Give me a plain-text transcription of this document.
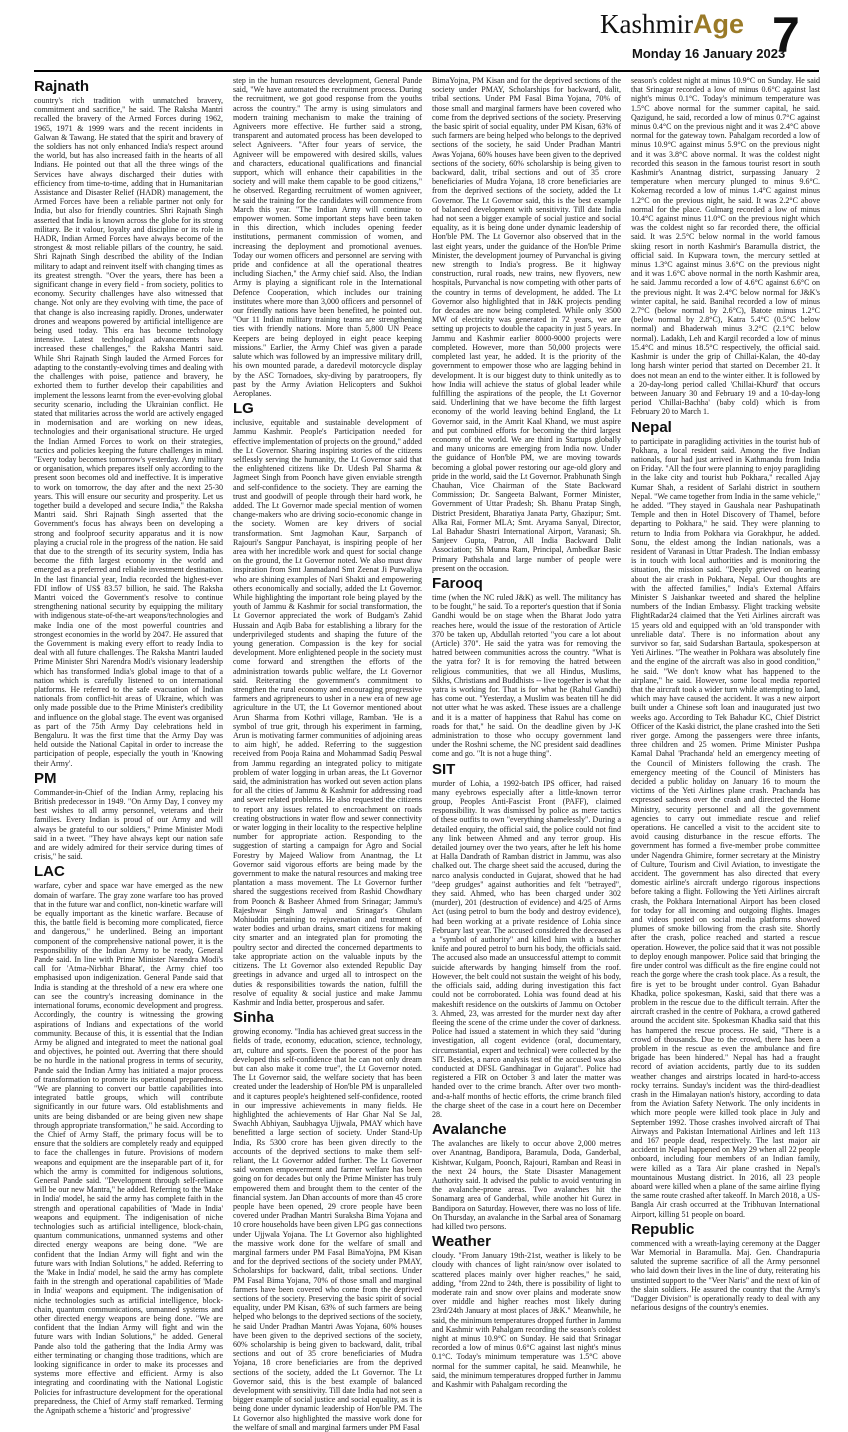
KashmirAge
Monday 16 January 2023
7
Rajnath

country's rich tradition with unmatched bravery, commitment and sacrifice," he said. The Raksha Mantri recalled the bravery of the Armed Forces during 1962, 1965, 1971 & 1999 wars and the recent incidents in Galwan & Tawang. He stated that the spirit and bravery of the soldiers has not only enhanced India's respect around the world, but has also increased faith in the hearts of all Indians. He pointed out that all the three wings of the Services have always discharged their duties with efficiency from time-to-time, adding that in Humanitarian Assistance and Disaster Relief (HADR) management, the Armed Forces have been a reliable partner not only for India, but also for friendly countries. Shri Rajnath Singh asserted that India is known across the globe for its strong military. Be it valour, loyalty and discipline or its role in HADR, Indian Armed Forces have always become of the strongest & most reliable pillars of the country, he said. Shri Rajnath Singh described the ability of the Indian military to adapt and reinvent itself with changing times as its greatest strength. "Over the years, there has been a significant change in every field - from society, politics to economy. Security challenges have also witnessed that change. Not only are they evolving with time, the pace of that change is also increasing rapidly. Drones, underwater drones and weapons powered by artificial intelligence are being used today. This era has become technology intensive. Latest technological advancements have increased these challenges," the Raksha Mantri said. While Shri Rajnath Singh lauded the Armed Forces for adapting to the constantly-evolving times and dealing with the challenges with poise, patience and bravery, he exhorted them to further develop their capabilities and implement the lessons learnt from the ever-evolving global security scenario, including the Ukrainian conflict. He stated that militaries across the world are actively engaged in modernisation and are working on new ideas, technologies and their organisational structure. He urged the Indian Armed Forces to work on their strategies, tactics and policies keeping the future challenges in mind. "Every today becomes tomorrow's yesterday. Any military or organisation, which prepares itself only according to the present soon becomes old and ineffective. It is imperative to work on tomorrow, the day after and the next 25-30 years. This will ensure our security and prosperity. Let us together build a developed and secure India," the Raksha Mantri said. Shri Rajnath Singh asserted that the Government's focus has always been on developing a strong and foolproof security apparatus and it is now playing a crucial role in the progress of the nation. He said that due to the strength of its security system, India has become the fifth largest economy in the world and emerged as a preferred and reliable investment destination. In the last financial year, India recorded the highest-ever FDI inflow of US$ 83.57 billion, he said. The Raksha Mantri voiced the Government's resolve to continue strengthening national security by equipping the military with indigenous state-of-the-art weapons/technologies and make India one of the most powerful countries and strongest economies in the world by 2047. He assured that the Government is making every effort to ready India to deal with all future challenges. The Raksha Mantri lauded Prime Minister Shri Narendra Modi's visionary leadership which has transformed India's global image to that of a nation which is carefully listened to on international platforms. He referred to the safe evacuation of Indian nationals from conflict-hit areas of Ukraine, which was only made possible due to the Prime Minister's credibility and influence on the global stage. The event was organised as part of the 75th Army Day celebrations held in Bengaluru. It was the first time that the Army Day was held outside the National Capital in order to increase the participation of people, especially the youth in 'Knowing their Army'.

PM

Commander-in-Chief of the Indian Army, replacing his British predecessor in 1949. "On Army Day, I convey my best wishes to all army personnel, veterans and their families. Every Indian is proud of our Army and will always be grateful to our soldiers," Prime Minister Modi said in a tweet. "They have always kept our nation safe and are widely admired for their service during times of crisis," he said.

LAC

warfare, cyber and space war have emerged as the new domain of warfare. The gray zone warfare too has proved that in the future war and conflict, non-kinetic warfare will be equally important as the kinetic warfare. Because of this, the battle field is becoming more complicated, fierce and dangerous," he underlined. Being an important component of the comprehensive national power, it is the responsibility of the Indian Army to be ready, General Pande said. In line with Prime Minister Narendra Modi's call for 'Atma-Nirbhar Bharat', the Army chief too emphasised upon indigenization. General Pande said that India is standing at the threshold of a new era where one can see the country's increasing dominance in the international forums, economic development and progress. Accordingly, the country is witnessing the growing aspirations of Indians and expectations of the world community. Because of this, it is essential that the Indian Army be aligned and integrated to meet the national goal and objectives, he pointed out. Averring that there should be no hurdle in the national progress in terms of security, Pande said the Indian Army has initiated a major process of transformation to promote its operational preparedness. "We are planning to convert our battle capabilities into integrated battle groups, which will contribute significantly in our future wars. Old establishments and units are being disbanded or are being given new shape through appropriate transformation," he said. According to the Chief of Army Staff, the primary focus will be to ensure that the soldiers are completely ready and equipped to face the challenges in future. Provisions of modern weapons and equipment are the inseparable part of it, for which the army is committed for indigenous solutions, General Pande said. "Development through self-reliance will be our new Mantra," he added. Referring to the 'Make in India' model, he said the army has complete faith in the strength and operational capabilities of 'Made in India' weapons and equipment. The indigenisation of niche technologies such as artificial intelligence, block-chain, quantum communications, unmanned systems and other directed energy weapons are being done. "We are confident that the Indian Army will fight and win the future wars with Indian Solutions," he added. Referring to the 'Make in India' model, he said the army has complete faith in the strength and operational capabilities of 'Made in India' weapons and equipment. The indigenisation of niche technologies such as artificial intelligence, block-chain, quantum communications, unmanned systems and other directed energy weapons are being done. "We are confident that the Indian Army will fight and win the future wars with Indian Solutions," he added. General Pande also told the gathering that the India Army was either terminating or changing those traditions, which are looking significance in order to make its processes and systems more effective and efficient. Army is also integrating and coordinating with the National Logistic Policies for infrastructure development for the operational preparedness, the Chief of Army staff remarked. Terming the Agnipath scheme a 'historic' and 'progressive'

step in the human resources development, General Pande said, "We have automated the recruitment process. During the recruitment, we got good response from the youths across the country." The army is using simulators and modern training mechanism to make the training of Agniveers more effective. He further said a strong, transparent and automated process has been developed to select Agniveers. "After four years of service, the Agniveer will be empowered with desired skills, values and characters, educational qualifications and financial support, which will enhance their capabilities in the society and will make them capable to be good citizens," he observed. Regarding recruitment of women agniveer, he said the training for the candidates will commence from March this year. "The Indian Army will continue to empower women. Some important steps have been taken in this direction, which includes opening feeder institutions, permanent commission of women, and increasing the deployment and promotional avenues. Today our women officers and personnel are serving with pride and confidence at all the operational theatres including Siachen," the Army chief said. Also, the Indian Army is playing a significant role in the International Defence Cooperation, which includes our training institutes where more than 3,000 officers and personnel of our friendly nations have been benefited, he pointed out. "Our 11 Indian military training teams are strengthening ties with friendly nations. More than 5,800 UN Peace Keepers are being deployed in eight peace keeping missions." Earlier, the Army Chief was given a parade salute which was followed by an impressive military drill, his own mounted parade, a daredevil motorcycle display by the ASC Tornadoes, sky-diving by paratroopers, fly past by the Army Aviation Helicopters and Sukhoi Aeroplanes.

LG

inclusive, equitable and sustainable development of Jammu Kashmir. People's Participation needed for effective implementation of projects on the ground," added the Lt Governor. Sharing inspiring stories of the citizens selflessly serving the humanity, the Lt Governor said that the enlightened citizens like Dr. Udesh Pal Sharma & Jagmeet Singh from Poonch have given enviable strength and self-confidence to the society. They are earning the trust and goodwill of people through their hard work, he added. The Lt Governor made special mention of women change-makers who are driving socio-economic change in the society. Women are key drivers of social transformation. Smt Jagmohan Kaur, Sarpanch of Rajouri's Sangpur Panchayat, is inspiring people of her area with her incredible work and quest for social change on the ground, the Lt Governor noted. We also must draw inspiration from Smt Janmadand Smt Zeenat Ji Purwaliya who are shining examples of Nari Shakti and empowering others economically and socially, added the Lt Governor. While highlighting the important role being played by the youth of Jammu & Kashmir for social transformation, the Lt Governor appreciated the work of Budgam's Zahid Hussain and Aqib Baba for establishing a library for the underprivileged students and shaping the future of the young generation. Compassion is the key for social development. More enlightened people in the society must come forward and strengthen the efforts of the administration towards public welfare, the Lt Governor said. Reiterating the government's commitment to strengthen the rural economy and encouraging progressive farmers and agripreneurs to usher in a new era of new age agriculture in the UT, the Lt Governor mentioned about Arun Sharma from Kothri village, Ramban. 'He is a symbol of true grit, through his experiment in farming, Arun is motivating farmer communities of adjoining areas to aim high', he added. Referring to the suggestion received from Pooja Raina and Mohammad Sadiq Peswal from Jammu regarding an integrated policy to mitigate problem of water logging in urban areas, the Lt Governor said, the administration has worked out seven action plans for all the cities of Jammu & Kashmir for addressing road and sewer related problems. He also requested the citizens to report any issues related to encroachment on roads creating obstructions in water flow and sewer connectivity or water logging in their locality to the respective helpline number for appropriate action. Responding to the suggestion of starting a campaign for Agro and Social Forestry by Majeed Waliow from Anantnag, the Lt Governor said vigorous efforts are being made by the government to make the natural resources and making tree plantation a mass movement. The Lt Governor further shared the suggestions received from Rashid Chowdhary from Poonch & Basheer Ahmed from Srinagar; Jammu's Rajeshwar Singh Jamwal and Srinagar's Ghulam Mohiuddin pertaining to rejuvenation and treatment of water bodies and urban drains, smart citizens for making city smarter and an integrated plan for promoting the poultry sector and directed the concerned departments to take appropriate action on the valuable inputs by the citizens. The Lt Governor also extended Republic Day greetings in advance and urged all to introspect on the duties & responsibilities towards the nation, fulfill the resolve of equality & social justice and make Jammu Kashmir and India better, prosperous and safer.

Sinha

growing economy. "India has achieved great success in the fields of trade, economy, education, science, technology, art, culture and sports. Even the poorest of the poor has developed this self-confidence that he can not only dream but can also make it come true", the Lt Governor noted. The Lt Governor said, the welfare society that has been created under the leadership of Hon'ble PM is unparalleled and it captures people's heightened self-confidence, rooted in our impressive achievements in many fields. He highlighted the achievements of Har Ghar Nal Se Jal, Swachh Abhiyan, Saubhagya Ujjwala, PMAY which have benefitted a large section of society. Under Stand-Up India, Rs 5300 crore has been given directly to the accounts of the deprived sections to make them self-reliant, the Lt Governor added further. The Lt Governor said women empowerment and farmer welfare has been going on for decades but only the Prime Minister has truly empowered them and brought them to the center of the financial system. Jan Dhan accounts of more than 45 crore people have been opened, 29 crore people have been covered under Pradhan Mantri Suraksha Bima Yojana and 10 crore households have been given LPG gas connections under Ujjwala Yojana. The Lt Governor also highlighted the massive work done for the welfare of small and marginal farmers under PM Fasal BimaYojna, PM Kisan and for the deprived sections of the society under PMAY, Scholarships for backward, dalit, tribal sections. Under PM Fasal Bima Yojana, 70% of those small and marginal farmers have been covered who come from the deprived sections of the society. Preserving the basic spirit of social equality, under PM Kisan, 63% of such farmers are being helped who belongs to the deprived sections of the society, he said Under Pradhan Mantri Awas Yojana, 60% houses have been given to the deprived sections of the society, 60% scholarship is being given to backward, dalit, tribal sections and out of 35 crore beneficiaries of Mudra Yojana, 18 crore beneficiaries are from the deprived sections of the society, added the Lt Governor. The Lt Governor said, this is the best example of balanced development with sensitivity. Till date India had not seen a bigger example of social justice and social equality, as it is being done under dynamic leadership of Hon'ble PM. The Lt Governor also highlighted the massive work done for the welfare of small and marginal farmers under PM Fasal

BimaYojna, PM Kisan and for the deprived sections of the society under PMAY, Scholarships for backward, dalit, tribal sections. Under PM Fasal Bima Yojana, 70% of those small and marginal farmers have been covered who come from the deprived sections of the society. Preserving the basic spirit of social equality, under PM Kisan, 63% of such farmers are being helped who belongs to the deprived sections of the society, he said Under Pradhan Mantri Awas Yojana, 60% houses have been given to the deprived sections of the society, 60% scholarship is being given to backward, dalit, tribal sections and out of 35 crore beneficiaries of Mudra Yojana, 18 crore beneficiaries are from the deprived sections of the society, added the Lt Governor. The Lt Governor said, this is the best example of balanced development with sensitivity. Till date India had not seen a bigger example of social justice and social equality, as it is being done under dynamic leadership of Hon'ble PM. The Lt Governor also observed that in the last eight years, under the guidance of the Hon'ble Prime Minister, the development journey of Purvanchal is giving new strength to India's progress. Be it highway construction, rural roads, new trains, new flyovers, new hospitals, Purvanchal is now competing with other parts of the country in terms of development, he added. The Lt Governor also highlighted that in J&K projects pending for decades are now being completed. While only 3500 MW of electricity was generated in 72 years, we are setting up projects to double the capacity in just 5 years. In Jammu and Kashmir earlier 8000-9000 projects were completed. However, more than 50,000 projects were completed last year, he added. It is the priority of the government to empower those who are lagging behind in development. It is our biggest duty to think unitedly as to how India will achieve the status of global leader while fulfilling the aspirations of the people, the Lt Governor said. Underlining that we have become the fifth largest economy of the world leaving behind England, the Lt Governor said, in the Amrit Kaal Khand, we must aspire and put combined efforts for becoming the third largest economy of the world. We are third in Startups globally and many unicorns are emerging from India now. Under the guidance of Hon'ble PM, we are moving towards becoming a global power restoring our age-old glory and pride in the world, said the Lt Governor. Prabhunath Singh Chauhan, Vice Chairman of the State Backward Commission; Dr. Sangeeta Balwant, Former Minister, Government of Uttar Pradesh; Sh. Bhanu Pratap Singh, District President, Bharatiya Janata Party, Ghazipur; Smt. Alka Rai, Former MLA; Smt. Aryama Sanyal, Director, Lal Bahadur Shastri International Airport, Varanasi; Sh. Sanjeev Gupta, Patron, All India Backward Dalit Association; Sh Munna Ram, Principal, Ambedkar Basic Primary Pathshala and large number of people were present on the occasion.

Farooq

time (when the NC ruled J&K) as well. The militancy has to be fought," he said. To a reporter's question that if Sonia Gandhi would be on stage when the Bharat Jodo yatra reaches here, would the issue of the restoration of Article 370 be taken up, Abdullah retorted "you care a lot about (Article) 370". He said the yatra was for removing the hatred between communities across the country. "What is the yatra for? It is for removing the hatred between religious communities, that we all Hindus, Muslims, Sikhs, Christians and Buddhists -- live together is what the yatra is working for. That is for what he (Rahul Gandhi) has come out. "Yesterday, a Muslim was beaten till he did not utter what he was asked. These issues are a challenge and it is a matter of happiness that Rahul has come on roads for that," he said. On the deadline given by J-K administration to those who occupy government land under the Roshni scheme, the NC president said deadlines come and go. "It is not a huge thing".

SIT

murder of Lohia, a 1992-batch IPS officer, had raised many eyebrows especially after a little-known terror group, Peoples Anti-Fascist Front (PAFF), claimed responsibility. It was dismissed by police as mere tactics of these outfits to own "everything shamelessly". During a detailed enquiry, the official said, the police could not find any link between Ahmed and any terror group. His detailed journey over the two years, after he left his home at Halla Dandrath of Ramban district in Jammu, was also chalked out. The charge sheet said the accused, during the narco analysis conducted in Gujarat, showed that he had "deep grudges" against authorities and felt "betrayed", they said. Ahmed, who has been charged under 302 (murder), 201 (destruction of evidence) and 4/25 of Arms Act (using petrol to burn the body and destroy evidence), had been working at a private residence of Lohia since February last year. The accused considered the deceased as a "symbol of authority" and killed him with a butcher knife and poured petrol to burn his body, the officials said. The accused also made an unsuccessful attempt to commit suicide afterwards by hanging himself from the roof. However, the belt could not sustain the weight of his body, the officials said, adding during investigation this fact could not be corroborated. Lohia was found dead at his makeshift residence on the outskirts of Jammu on October 3. Ahmed, 23, was arrested for the murder next day after fleeing the scene of the crime under the cover of darkness. Police had issued a statement in which they said "during investigation, all cogent evidence (oral, documentary, circumstantial, expert and technical) were collected by the SIT. Besides, a narco analysis test of the accused was also conducted at DFSL Gandhinagar in Gujarat". Police had registered a FIR on October 3 and later the matter was handed over to the crime branch. After over two month-and-a-half months of hectic efforts, the crime branch filed the charge sheet of the case in a court here on December 28.

Avalanche

The avalanches are likely to occur above 2,000 metres over Anantnag, Bandipora, Baramula, Doda, Ganderbal, Kishtwar, Kulgam, Poonch, Rajouri, Ramban and Reasi in the next 24 hours, the State Disaster Management Authority said. It advised the public to avoid venturing in the avalanche-prone areas. Two avalanches hit the Sonamarg area of Ganderbal, while another hit Gurez in Bandipora on Saturday. However, there was no loss of life. On Thursday, an avalanche in the Sarbal area of Sonamarg had killed two persons.

Weather

cloudy. "From January 19th-21st, weather is likely to be cloudy with chances of light rain/snow over isolated to scattered places mainly over higher reaches," he said, adding, "from 22nd to 24th, there is possibility of light to moderate rain and snow over plains and moderate snow over middle and higher reaches most likely during 23rd/24th January at most places of J&K." Meanwhile, he said, the minimum temperatures dropped further in Jammu and Kashmir with Pahalgam recording the season's coldest night at minus 10.9°C on Sunday. He said that Srinagar recorded a low of minus 0.6°C against last night's minus 0.1°C. Today's minimum temperature was 1.5°C above normal for the summer capital, he said. Meanwhile, he said, the minimum temperatures dropped further in Jammu and Kashmir with Pahalgam recording the

season's coldest night at minus 10.9°C on Sunday. He said that Srinagar recorded a low of minus 0.6°C against last night's minus 0.1°C. Today's minimum temperature was 1.5°C above normal for the summer capital, he said. Qazigund, he said, recorded a low of minus 0.7°C against minus 0.4°C on the previous night and it was 2.4°C above normal for the gateway town. Pahalgam recorded a low of minus 10.9°C against minus 5.9°C on the previous night and it was 3.8°C above normal. It was the coldest night recorded this season in the famous tourist resort in south Kashmir's Anantnag district, surpassing January 2 temperature when mercury plunged to minus 9.6°C. Kokernag recorded a low of minus 1.4°C against minus 1.2°C on the previous night, he said. It was 2.2°C above normal for the place. Gulmarg recorded a low of minus 10.4°C against minus 11.0°C on the previous night which was the coldest night so far recorded there, the official said. It was 2.5°C below normal in the world famous skiing resort in north Kashmir's Baramulla district, the official said. In Kupwara town, the mercury settled at minus 1.3°C against minus 3.6°C on the previous night and it was 1.6°C above normal in the north Kashmir area, he said. Jammu recorded a low of 4.6°C against 6.6°C on the previous night. It was 2.4°C below normal for J&K's winter capital, he said. Banihal recorded a low of minus 2.7°C (below normal by 2.6°C), Batote minus 1.2°C (below normal by 2.8°C), Katra 5.4°C (0.5°C below normal) and Bhaderwah minus 3.2°C (2.1°C below normal). Ladakh, Leh and Kargil recorded a low of minus 15.4°C and minus 18.5°C respectively, the official said. Kashmir is under the grip of Chillai-Kalan, the 40-day long harsh winter period that started on December 21. It does not mean an end to the winter either. It is followed by a 20-day-long period called 'Chillai-Khurd' that occurs between January 30 and February 19 and a 10-day-long period 'Chillai-Bachha' (baby cold) which is from February 20 to March 1.

Nepal

to participate in paragliding activities in the tourist hub of Pokhara, a local resident said. Among the five Indian nationals, four had just arrived in Kathmandu from India on Friday. "All the four were planning to enjoy paragliding in the lake city and tourist hub Pokhara," recalled Ajay Kumar Shah, a resident of Sarlahi district in southern Nepal. "We came together from India in the same vehicle," he added. "They stayed in Gaushala near Pashupatinath Temple and then in Hotel Discovery of Thamel, before departing to Pokhara," he said. They were planning to return to India from Pokhara via Gorakhpur, he added. Sonu, the eldest among the Indian nationals, was a resident of Varanasi in Uttar Pradesh. The Indian embassy is in touch with local authorities and is monitoring the situation, the mission said. "Deeply grieved on hearing about the air crash in Pokhara, Nepal. Our thoughts are with the affected families," India's External Affairs Minister S Jaishankar tweeted and shared the helpline numbers of the Indian Embassy. Flight tracking website FlightRadar24 claimed that the Yeti Airlines aircraft was 15 years old and equipped with an 'old transponder with unreliable data'. There is no information about any survivor so far, said Sudarshan Bartaula, spokesperson at Yeti Airlines. "The weather in Pokhara was absolutely fine and the engine of the aircraft was also in good condition," he said. "We don't know what has happened to the airplane," he said. However, some local media reported that the aircraft took a wider turn while attempting to land, which may have caused the accident. It was a new airport built under a Chinese soft loan and inaugurated just two weeks ago. According to Tek Bahadur KC, Chief District Officer of the Kaski district, the plane crashed into the Seti river gorge. Among the passengers were three infants, three children and 25 women. Prime Minister Pushpa Kamal Dahal 'Prachanda' held an emergency meeting of the Council of Ministers following the crash. The emergency meeting of the Council of Ministers has decided a public holiday on January 16 to mourn the victims of the Yeti Airlines plane crash. Prachanda has expressed sadness over the crash and directed the Home Ministry, security personnel and all the government agencies to carry out immediate rescue and relief operations. He cancelled a visit to the accident site to avoid causing disturbance in the rescue efforts. The government has formed a five-member probe committee under Nagendra Ghimire, former secretary at the Ministry of Culture, Tourism and Civil Aviation, to investigate the accident. The government has also directed that every domestic airline's aircraft undergo rigorous inspections before taking a flight. Following the Yeti Airlines aircraft crash, the Pokhara International Airport has been closed for today for all incoming and outgoing flights. Images and videos posted on social media platforms showed plumes of smoke billowing from the crash site. Shortly after the crash, police reached and started a rescue operation. However, the police said that it was not possible to deploy enough manpower. Police said that bringing the fire under control was difficult as the fire engine could not reach the gorge where the crash took place. As a result, the fire is yet to be brought under control. Gyan Bahadur Khadka, police spokesman, Kaski, said that there was a problem in the rescue due to the difficult terrain. After the aircraft crashed in the centre of Pokhara, a crowd gathered around the accident site. Spokesman Khadka said that this has hampered the rescue process. He said, "There is a crowd of thousands. Due to the crowd, there has been a problem in the rescue as even the ambulance and fire brigade has been hindered." Nepal has had a fraught record of aviation accidents, partly due to its sudden weather changes and airstrips located in hard-to-access rocky terrains. Sunday's incident was the third-deadliest crash in the Himalayan nation's history, according to data from the Aviation Safety Network. The only incidents in which more people were killed took place in July and September 1992. Those crashes involved aircraft of Thai Airways and Pakistan International Airlines and left 113 and 167 people dead, respectively. The last major air accident in Nepal happened on May 29 when all 22 people onboard, including four members of an Indian family, were killed as a Tara Air plane crashed in Nepal's mountainous Mustang district. In 2016, all 23 people aboard were killed when a plane of the same airline flying the same route crashed after takeoff. In March 2018, a US-Bangla Air crash occurred at the Tribhuvan International Airport, killing 51 people on board.

Republic

commenced with a wreath-laying ceremony at the Dagger War Memorial in Baramulla. Maj. Gen. Chandrapuria saluted the supreme sacrifice of all the Army personnel who laid down their lives in the line of duty, reiterating his unstinted support to the "Veer Naris" and the next of kin of the slain soldiers. He assured the country that the Army's "Dagger Division" is operationally ready to deal with any nefarious designs of the country's enemies.
